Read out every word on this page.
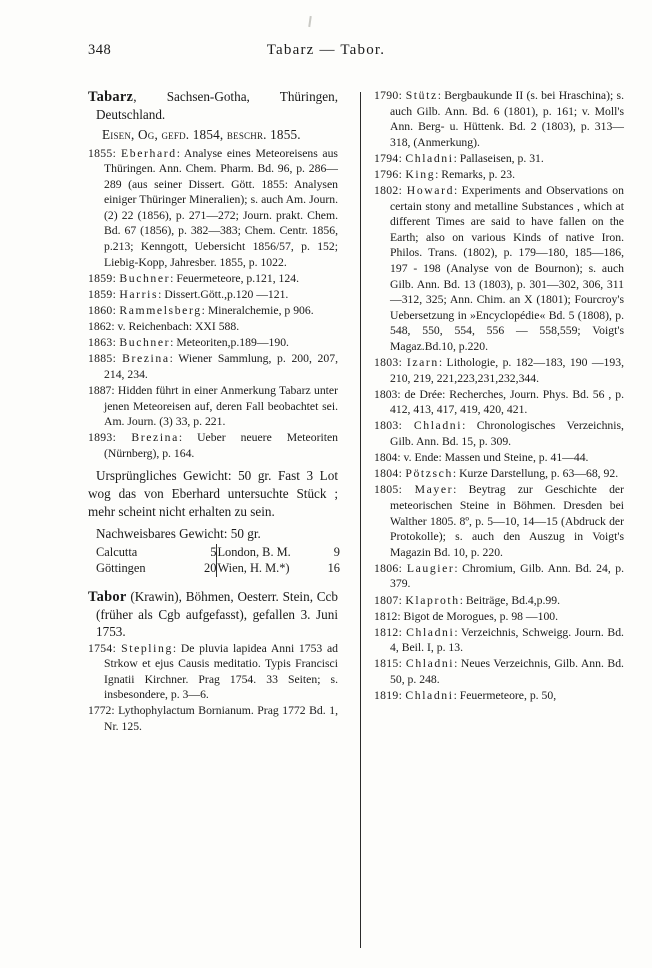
348	Tabarz — Tabor.
Tabarz, Sachsen-Gotha, Thüringen, Deutschland.
Eisen, Og, gefd. 1854, beschr. 1855.
1855: Eberhard: Analyse eines Meteoreisens aus Thüringen. Ann. Chem. Pharm. Bd. 96, p. 286—289 (aus seiner Dissert. Gött. 1855: Analysen einiger Thüringer Mineralien); s. auch Am. Journ. (2) 22 (1856), p. 271—272; Journ. prakt. Chem. Bd. 67 (1856), p. 382—383; Chem. Centr. 1856, p.213; Kenngott, Uebersicht 1856/57, p. 152; Liebig-Kopp, Jahresber. 1855, p. 1022.
1859: Buchner: Feuermeteore, p.121, 124.
1859: Harris: Dissert.Gött.,p.120 —121.
1860: Rammelsberg: Mineralchemie, p 906.
1862: v. Reichenbach: XXI 588.
1863: Buchner: Meteoriten,p.189—190.
1885: Brezina: Wiener Sammlung, p. 200, 207, 214, 234.
1887: Hidden führt in einer Anmerkung Tabarz unter jenen Meteoreisen auf, deren Fall beobachtet sei. Am. Journ. (3) 33, p. 221.
1893: Brezina: Ueber neuere Meteoriten (Nürnberg), p. 164.
Ursprüngliches Gewicht: 50 gr. Fast 3 Lot wog das von Eberhard untersuchte Stück ; mehr scheint nicht erhalten zu sein.
Nachweisbares Gewicht: 50 gr.
Calcutta	5	London, B. M.	9
Göttingen	20	Wien, H. M.*)	16
Tabor (Krawin), Böhmen, Oesterr. Stein, Ccb (früher als Cgb aufgefasst), gefallen 3. Juni 1753.
1754: Stepling: De pluvia lapidea Anni 1753 ad Strkow et ejus Causis meditatio. Typis Francisci Ignatii Kirchner. Prag 1754. 33 Seiten; s. insbesondere, p. 3—6.
1772: Lythophylactum Bornianum. Prag 1772 Bd. 1, Nr. 125.
1790: Stütz: Bergbaukunde II (s. bei Hraschina); s. auch Gilb. Ann. Bd. 6 (1801), p. 161; v. Moll's Ann. Berg- u. Hüttenk. Bd. 2 (1803), p. 313—318, (Anmerkung).
1794: Chladni: Pallaseisen, p. 31.
1796: King: Remarks, p. 23.
1802: Howard: Experiments and Observations on certain stony and metalline Substances , which at different Times are said to have fallen on the Earth; also on various Kinds of native Iron. Philos. Trans. (1802), p. 179—180, 185—186, 197 - 198 (Analyse von de Bournon); s. auch Gilb. Ann. Bd. 13 (1803), p. 301—302, 306, 311—312, 325; Ann. Chim. an X (1801); Fourcroy's Uebersetzung in »Encyclopédie« Bd. 5 (1808), p. 548, 550, 554, 556 — 558,559; Voigt's Magaz.Bd.10, p.220.
1803: Izarn: Lithologie, p. 182—183, 190 —193, 210, 219, 221,223,231,232,344.
1803: de Drée: Recherches, Journ. Phys. Bd. 56 , p. 412, 413, 417, 419, 420, 421.
1803: Chladni: Chronologisches Verzeichnis, Gilb. Ann. Bd. 15, p. 309.
1804: v. Ende: Massen und Steine, p. 41—44.
1804: Pötzsch: Kurze Darstellung, p. 63—68, 92.
1805: Mayer: Beytrag zur Geschichte der meteorischen Steine in Böhmen. Dresden bei Walther 1805. 8º, p. 5—10, 14—15 (Abdruck der Protokolle); s. auch den Auszug in Voigt's Magazin Bd. 10, p. 220.
1806: Laugier: Chromium, Gilb. Ann. Bd. 24, p. 379.
1807: Klaproth: Beiträge, Bd.4,p.99.
1812: Bigot de Morogues, p. 98 —100.
1812: Chladni: Verzeichnis, Schweigg. Journ. Bd. 4, Beil. I, p. 13.
1815: Chladni: Neues Verzeichnis, Gilb. Ann. Bd. 50, p. 248.
1819: Chladni: Feuermeteore, p. 50,
